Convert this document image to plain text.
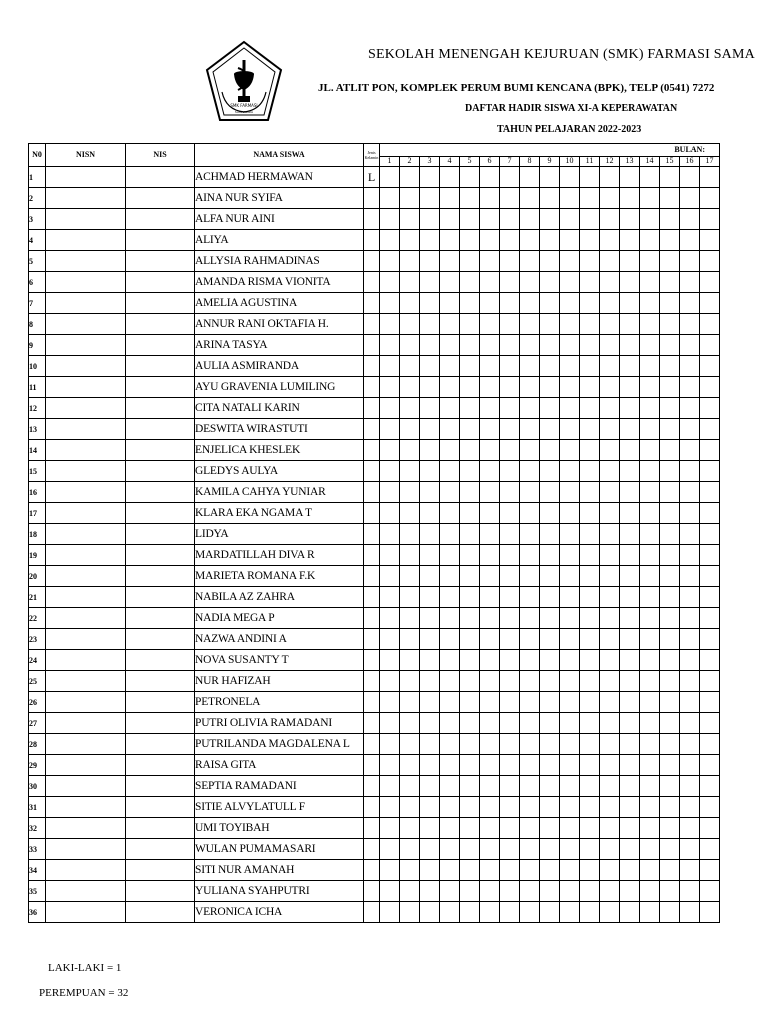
SMK FARMASI
SAMARINDA
SEKOLAH MENENGAH KEJURUAN (SMK) FARMASI SAMA
JL. ATLIT PON, KOMPLEK PERUM BUMI KENCANA (BPK), TELP (0541) 7272
DAFTAR HADIR SISWA XI-A KEPERAWATAN
TAHUN PELAJARAN 2022-2023
N0	NISN	NIS	NAMA SISWA	Jenis Kelamin	BULAN:																
					1	2	3	4	5	6	7	8	9	10	11	12	13	14	15	16	17
1			ACHMAD HERMAWAN	L																	
2			AINA NUR SYIFA																		
3			ALFA NUR AINI																		
4			ALIYA																		
5			ALLYSIA RAHMADINAS																		
6			AMANDA RISMA VIONITA																		
7			AMELIA AGUSTINA																		
8			ANNUR RANI OKTAFIA H.																		
9			ARINA TASYA																		
10			AULIA ASMIRANDA																		
11			AYU GRAVENIA LUMILING																		
12			CITA NATALI KARIN																		
13			DESWITA WIRASTUTI																		
14			ENJELICA KHESLEK																		
15			GLEDYS AULYA																		
16			KAMILA CAHYA YUNIAR																		
17			KLARA EKA NGAMA T																		
18			LIDYA																		
19			MARDATILLAH DIVA R																		
20			MARIETA ROMANA F.K																		
21			NABILA AZ ZAHRA																		
22			NADIA MEGA P																		
23			NAZWA ANDINI A																		
24			NOVA SUSANTY T																		
25			NUR HAFIZAH																		
26			PETRONELA																		
27			PUTRI OLIVIA RAMADANI																		
28			PUTRILANDA MAGDALENA L																		
29			RAISA GITA																		
30			SEPTIA RAMADANI																		
31			SITIE ALVYLATULL F																		
32			UMI TOYIBAH																		
33			WULAN PUMAMASARI																		
34			SITI NUR AMANAH																		
35			YULIANA SYAHPUTRI																		
36			VERONICA ICHA																		
LAKI-LAKI = 1
PEREMPUAN = 32
